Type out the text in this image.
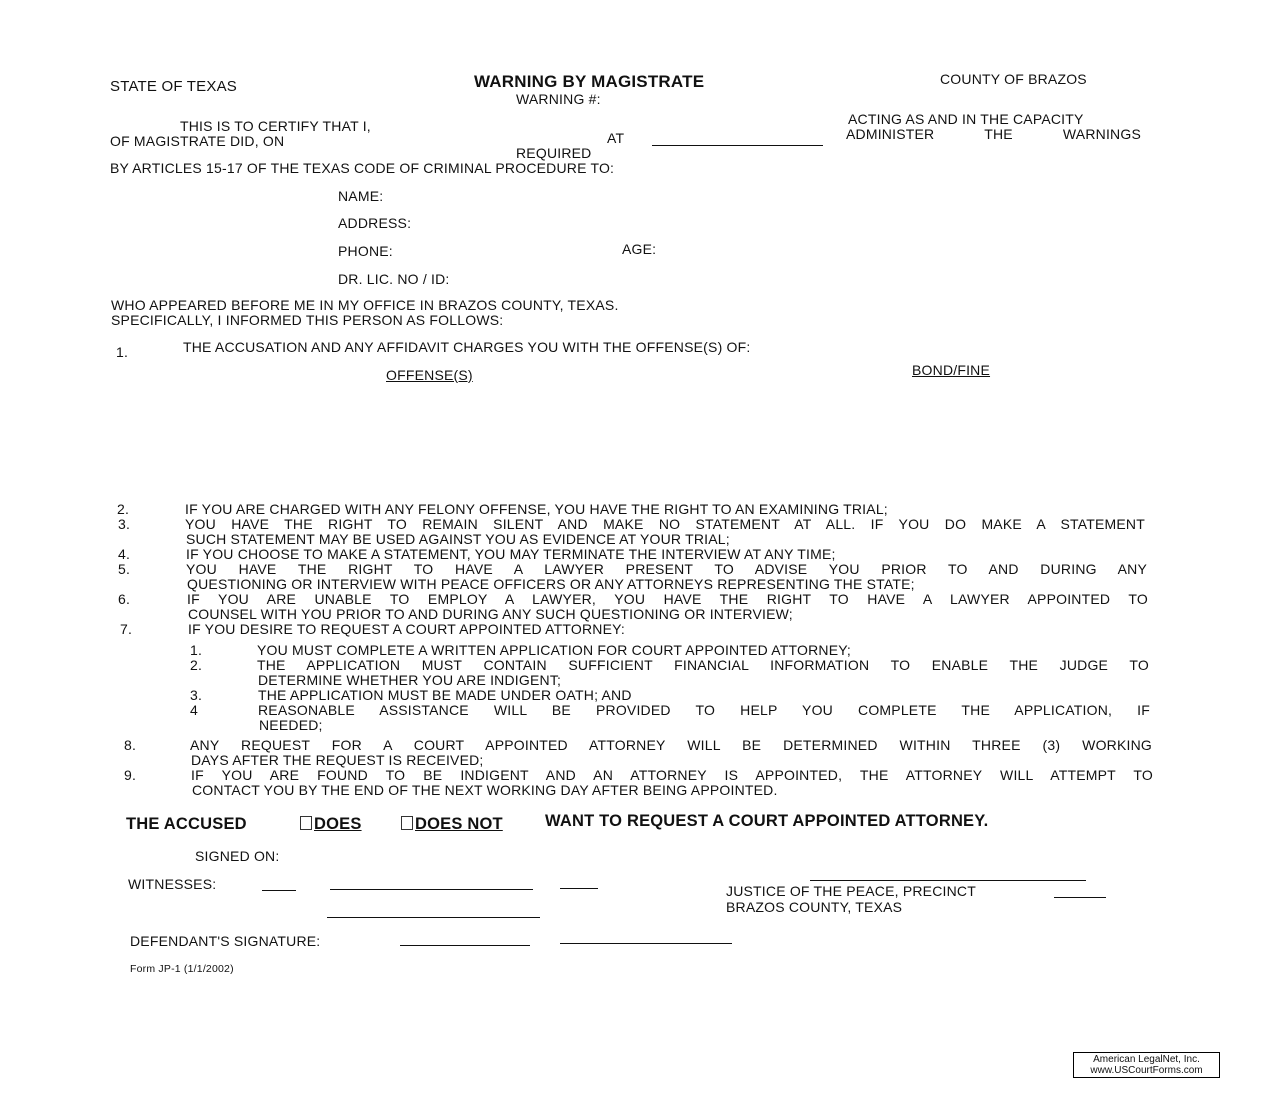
STATE OF TEXAS	WARNING BY MAGISTRATE
WARNING #:
COUNTY OF BRAZOS
THIS IS TO CERTIFY THAT I,
OF MAGISTRATE DID, ON	AT
ACTING AS AND IN THE CAPACITY
ADMINISTER THE WARNINGS
REQUIRED
BY ARTICLES 15-17 OF THE TEXAS CODE OF CRIMINAL PROCEDURE TO:
NAME:
ADDRESS:
PHONE:	AGE:
DR. LIC. NO / ID:
WHO APPEARED BEFORE ME IN MY OFFICE IN BRAZOS COUNTY, TEXAS.
SPECIFICALLY, I INFORMED THIS PERSON AS FOLLOWS:
1.	THE ACCUSATION AND ANY AFFIDAVIT CHARGES YOU WITH THE OFFENSE(S) OF:
OFFENSE(S)	BOND/FINE
2.	IF YOU ARE CHARGED WITH ANY FELONY OFFENSE, YOU HAVE THE RIGHT TO AN EXAMINING TRIAL;
3.	YOU HAVE THE RIGHT TO REMAIN SILENT AND MAKE NO STATEMENT AT ALL. IF YOU DO MAKE A STATEMENT
SUCH STATEMENT MAY BE USED AGAINST YOU AS EVIDENCE AT YOUR TRIAL;
4.	IF YOU CHOOSE TO MAKE A STATEMENT, YOU MAY TERMINATE THE INTERVIEW AT ANY TIME;
5.	YOU HAVE THE RIGHT TO HAVE A LAWYER PRESENT TO ADVISE YOU PRIOR TO AND DURING ANY
QUESTIONING OR INTERVIEW WITH PEACE OFFICERS OR ANY ATTORNEYS REPRESENTING THE STATE;
6.	IF YOU ARE UNABLE TO EMPLOY A LAWYER, YOU HAVE THE RIGHT TO HAVE A LAWYER APPOINTED TO
COUNSEL WITH YOU PRIOR TO AND DURING ANY SUCH QUESTIONING OR INTERVIEW;
7.	IF YOU DESIRE TO REQUEST A COURT APPOINTED ATTORNEY:
1.	YOU MUST COMPLETE A WRITTEN APPLICATION FOR COURT APPOINTED ATTORNEY;
2.	THE APPLICATION MUST CONTAIN SUFFICIENT FINANCIAL INFORMATION TO ENABLE THE JUDGE TO
DETERMINE WHETHER YOU ARE INDIGENT;
3.	THE APPLICATION MUST BE MADE UNDER OATH; AND
4	REASONABLE ASSISTANCE WILL BE PROVIDED TO HELP YOU COMPLETE THE APPLICATION, IF
NEEDED;
8.	ANY REQUEST FOR A COURT APPOINTED ATTORNEY WILL BE DETERMINED WITHIN THREE (3) WORKING
DAYS AFTER THE REQUEST IS RECEIVED;
9.	IF YOU ARE FOUND TO BE INDIGENT AND AN ATTORNEY IS APPOINTED, THE ATTORNEY WILL ATTEMPT TO
CONTACT YOU BY THE END OF THE NEXT WORKING DAY AFTER BEING APPOINTED.
THE ACCUSED	DOES	DOES NOT	WANT TO REQUEST A COURT APPOINTED ATTORNEY.
SIGNED ON:
WITNESSES:	JUSTICE OF THE PEACE, PRECINCT
BRAZOS COUNTY, TEXAS
DEFENDANT'S SIGNATURE:
Form JP-1 (1/1/2002)
American LegalNet, Inc.
www.USCourtForms.com
